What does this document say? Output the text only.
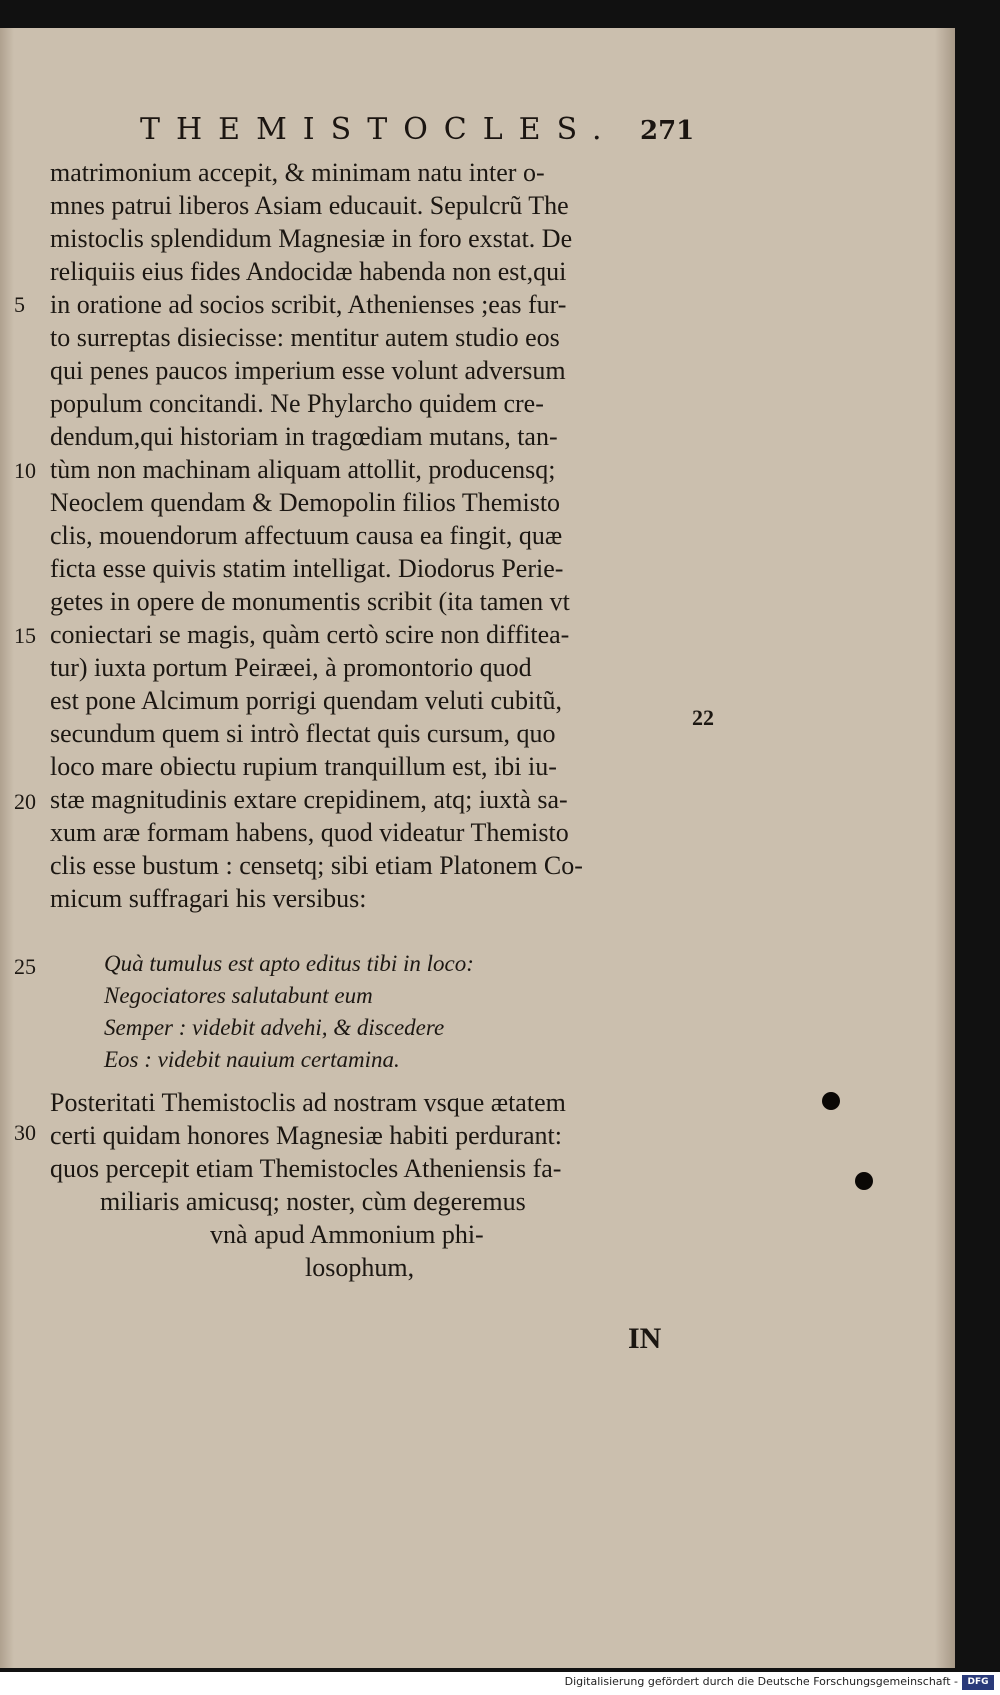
THEMISTOCLES. 271
matrimonium accepit, & minimam natu inter o-
mnes patrui liberos Asiam educauit. Sepulcrũ The
mistoclis splendidum Magnesiæ in foro exstat. De
reliquiis eius fides Andocidæ habenda non est,qui
in oratione ad socios scribit, Athenienses ;eas fur-
to surreptas disiecisse: mentitur autem studio eos
qui penes paucos imperium esse volunt adversum
populum concitandi. Ne Phylarcho quidem cre-
dendum,qui historiam in tragœdiam mutans, tan-
tùm non machinam aliquam attollit, producensq;
Neoclem quendam & Demopolin filios Themisto
clis, mouendorum affectuum causa ea fingit, quæ
ficta esse quivis statim intelligat. Diodorus Perie-
getes in opere de monumentis scribit (ita tamen vt
coniectari se magis, quàm certò scire non diffitea-
tur) iuxta portum Peiræei, à promontorio quod
est pone Alcimum porrigi quendam veluti cubitũ,
secundum quem si intrò flectat quis cursum, quo
loco mare obiectu rupium tranquillum est, ibi iu-
stæ magnitudinis extare crepidinem, atq; iuxtà sa-
xum aræ formam habens, quod videatur Themisto
clis esse bustum : censetq; sibi etiam Platonem Co-
micum suffragari his versibus:
5
10
15
20
25
30
22
Quà tumulus est apto editus tibi in loco:
Negociatores salutabunt eum
Semper : videbit advehi, & discedere
Eos : videbit nauium certamina.
Posteritati Themistoclis ad nostram vsque ætatem
certi quidam honores Magnesiæ habiti perdurant:
quos percepit etiam Themistocles Atheniensis fa-
miliaris amicusq; noster, cùm degeremus
vnà apud Ammonium phi-
losophum,
IN
Digitalisierung gefördert durch die Deutsche Forschungsgemeinschaft -	DFG
